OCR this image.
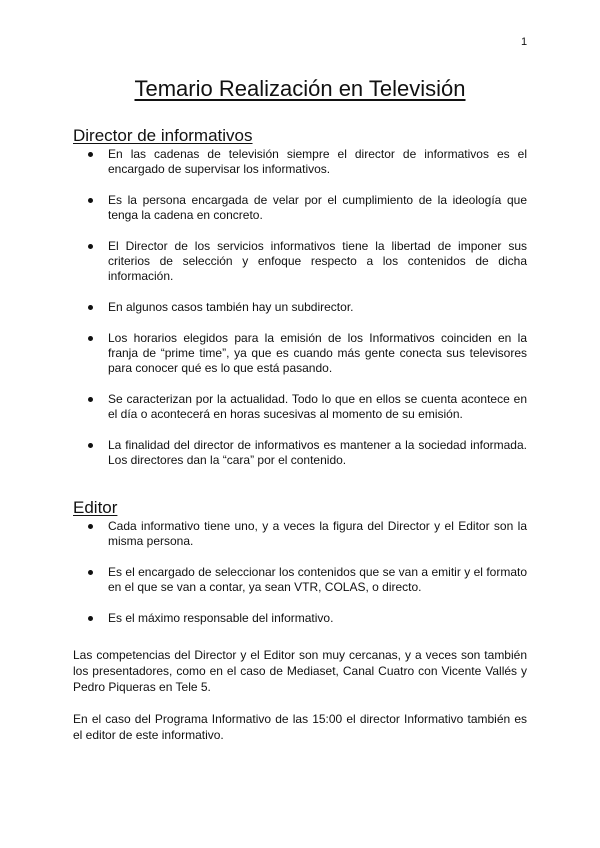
1
Temario Realización en Televisión
Director de informativos
En las cadenas de televisión siempre el director de informativos es el encargado de supervisar los informativos.
Es la persona encargada de velar por el cumplimiento de la ideología que tenga la cadena en concreto.
El Director de los servicios informativos tiene la libertad de imponer sus criterios de selección y enfoque respecto a los contenidos de dicha información.
En algunos casos también hay un subdirector.
Los horarios elegidos para la emisión de los Informativos coinciden en la franja de “prime time”, ya que es cuando más gente conecta sus televisores para conocer qué es lo que está pasando.
Se caracterizan por la actualidad. Todo lo que en ellos se cuenta acontece en el día o acontecerá en horas sucesivas al momento de su emisión.
La finalidad del director de informativos es mantener a la sociedad informada. Los directores dan la “cara” por el contenido.
Editor
Cada informativo tiene uno, y a veces la figura del Director y el Editor son la misma persona.
Es el encargado de seleccionar los contenidos que se van a emitir y el formato en el que se van a contar, ya sean VTR, COLAS, o directo.
Es el máximo responsable del informativo.

Las competencias del Director y el Editor son muy cercanas, y a veces son también los presentadores, como en el caso de Mediaset, Canal Cuatro con Vicente Vallés y Pedro Piqueras en Tele 5.

En el caso del Programa Informativo de las 15:00 el director Informativo también es el editor de este informativo.
